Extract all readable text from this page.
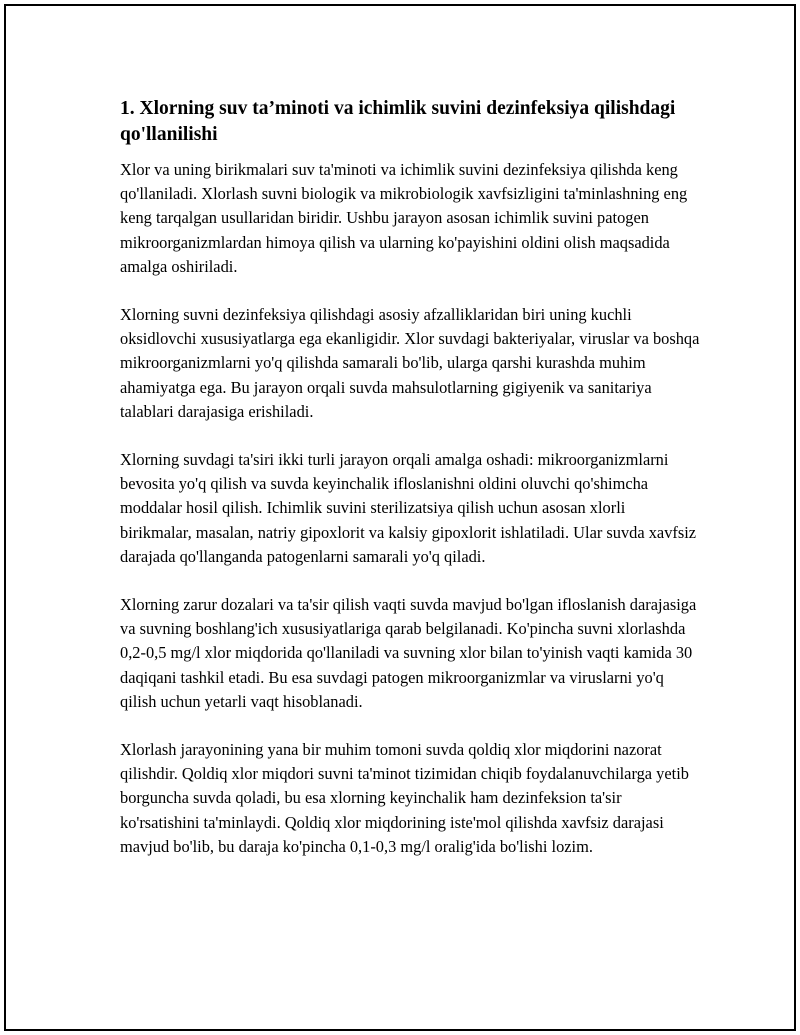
1. Xlorning suv ta’minoti va ichimlik suvini dezinfeksiya qilishdagi qo'llanilishi

Xlor va uning birikmalari suv ta'minoti va ichimlik suvini dezinfeksiya qilishda keng qo'llaniladi. Xlorlash suvni biologik va mikrobiologik xavfsizligini ta'minlashning eng keng tarqalgan usullaridan biridir. Ushbu jarayon asosan ichimlik suvini patogen mikroorganizmlardan himoya qilish va ularning ko'payishini oldini olish maqsadida amalga oshiriladi.

Xlorning suvni dezinfeksiya qilishdagi asosiy afzalliklaridan biri uning kuchli oksidlovchi xususiyatlarga ega ekanligidir. Xlor suvdagi bakteriyalar, viruslar va boshqa mikroorganizmlarni yo'q qilishda samarali bo'lib, ularga qarshi kurashda muhim ahamiyatga ega. Bu jarayon orqali suvda mahsulotlarning gigiyenik va sanitariya talablari darajasiga erishiladi.

Xlorning suvdagi ta'siri ikki turli jarayon orqali amalga oshadi: mikroorganizmlarni bevosita yo'q qilish va suvda keyinchalik ifloslanishni oldini oluvchi qo'shimcha moddalar hosil qilish. Ichimlik suvini sterilizatsiya qilish uchun asosan xlorli birikmalar, masalan, natriy gipoxlorit va kalsiy gipoxlorit ishlatiladi. Ular suvda xavfsiz darajada qo'llanganda patogenlarni samarali yo'q qiladi.

Xlorning zarur dozalari va ta'sir qilish vaqti suvda mavjud bo'lgan ifloslanish darajasiga va suvning boshlang'ich xususiyatlariga qarab belgilanadi. Ko'pincha suvni xlorlashda 0,2-0,5 mg/l xlor miqdorida qo'llaniladi va suvning xlor bilan to'yinish vaqti kamida 30 daqiqani tashkil etadi. Bu esa suvdagi patogen mikroorganizmlar va viruslarni yo'q qilish uchun yetarli vaqt hisoblanadi.

Xlorlash jarayonining yana bir muhim tomoni suvda qoldiq xlor miqdorini nazorat qilishdir. Qoldiq xlor miqdori suvni ta'minot tizimidan chiqib foydalanuvchilarga yetib borguncha suvda qoladi, bu esa xlorning keyinchalik ham dezinfeksion ta'sir ko'rsatishini ta'minlaydi. Qoldiq xlor miqdorining iste'mol qilishda xavfsiz darajasi mavjud bo'lib, bu daraja ko'pincha 0,1-0,3 mg/l oralig'ida bo'lishi lozim.
